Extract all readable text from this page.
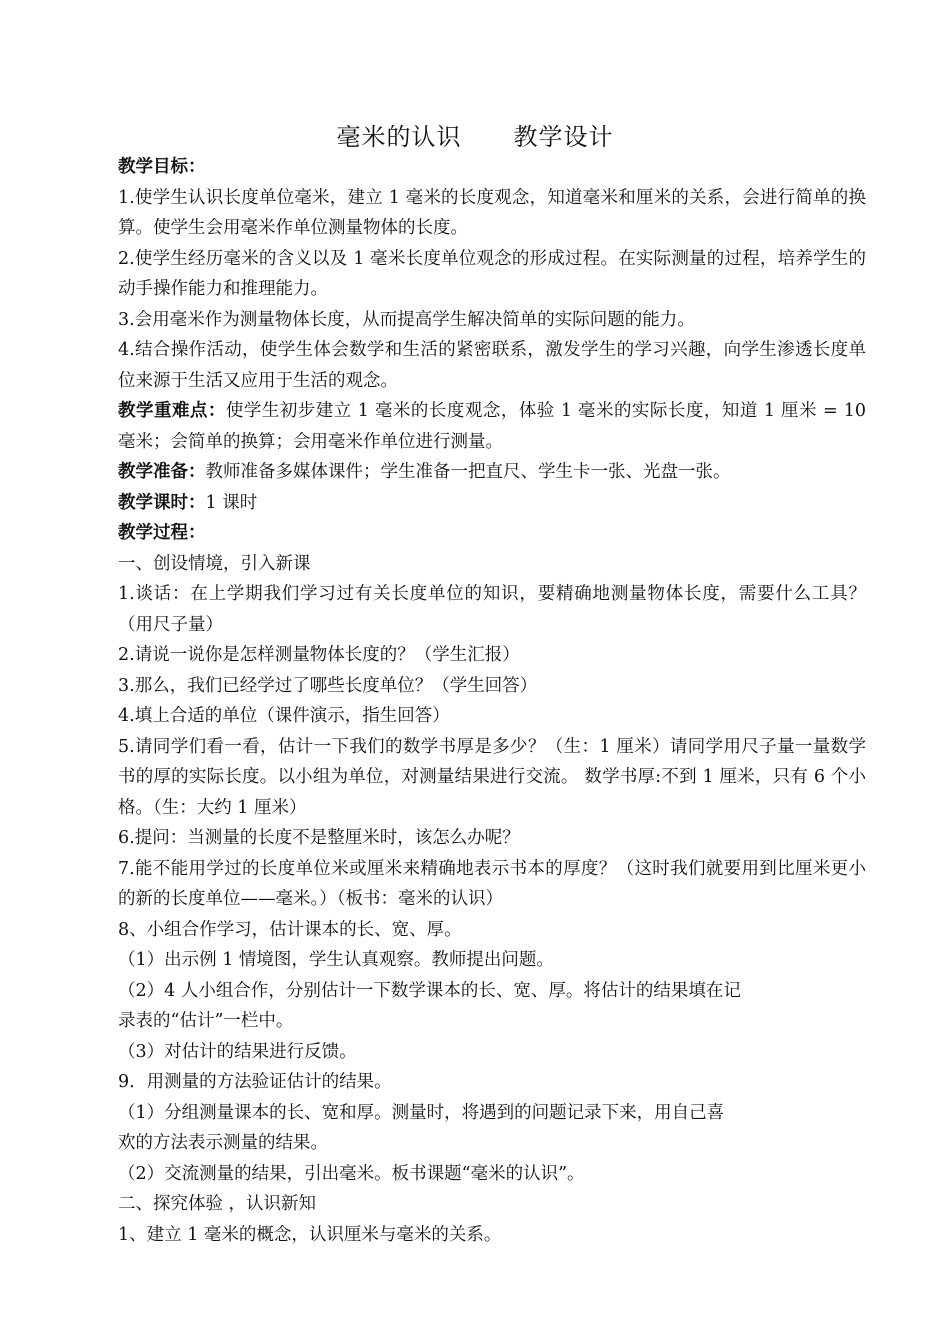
毫米的认识 教学设计

教学目标：

1.使学生认识长度单位毫米，建立 1 毫米的长度观念，知道毫米和厘米的关系，会进行简单的换算。使学生会用毫米作单位测量物体的长度。

2.使学生经历毫米的含义以及 1 毫米长度单位观念的形成过程。在实际测量的过程，培养学生的动手操作能力和推理能力。

3.会用毫米作为测量物体长度，从而提高学生解决简单的实际问题的能力。

4.结合操作活动，使学生体会数学和生活的紧密联系，激发学生的学习兴趣，向学生渗透长度单位来源于生活又应用于生活的观念。

教学重难点：使学生初步建立 1 毫米的长度观念，体验 1 毫米的实际长度，知道 1 厘米 = 10 毫米；会简单的换算；会用毫米作单位进行测量。

教学准备：教师准备多媒体课件；学生准备一把直尺、学生卡一张、光盘一张。

教学课时：1 课时

教学过程：

一、创设情境，引入新课

1.谈话：在上学期我们学习过有关长度单位的知识，要精确地测量物体长度，需要什么工具？（用尺子量）

2.请说一说你是怎样测量物体长度的？（学生汇报）

3.那么，我们已经学过了哪些长度单位？（学生回答）

4.填上合适的单位（课件演示，指生回答）

5.请同学们看一看，估计一下我们的数学书厚是多少？（生：1 厘米）请同学用尺子量一量数学书的厚的实际长度。以小组为单位，对测量结果进行交流。 数学书厚:不到 1 厘米，只有 6 个小格。（生：大约 1 厘米）

6.提问：当测量的长度不是整厘米时，该怎么办呢？

7.能不能用学过的长度单位米或厘米来精确地表示书本的厚度？（这时我们就要用到比厘米更小的新的长度单位——毫米。）（板书：毫米的认识）

8、小组合作学习，估计课本的长、宽、厚。

（1）出示例 1 情境图，学生认真观察。教师提出问题。

（2）4 人小组合作，分别估计一下数学课本的长、宽、厚。将估计的结果填在记

录表的“估计”一栏中。

（3）对估计的结果进行反馈。

9．用测量的方法验证估计的结果。

（1）分组测量课本的长、宽和厚。测量时，将遇到的问题记录下来，用自己喜

欢的方法表示测量的结果。

（2）交流测量的结果，引出毫米。板书课题“毫米的认识”。

二、探究体验 ，认识新知

1、建立 1 毫米的概念，认识厘米与毫米的关系。
